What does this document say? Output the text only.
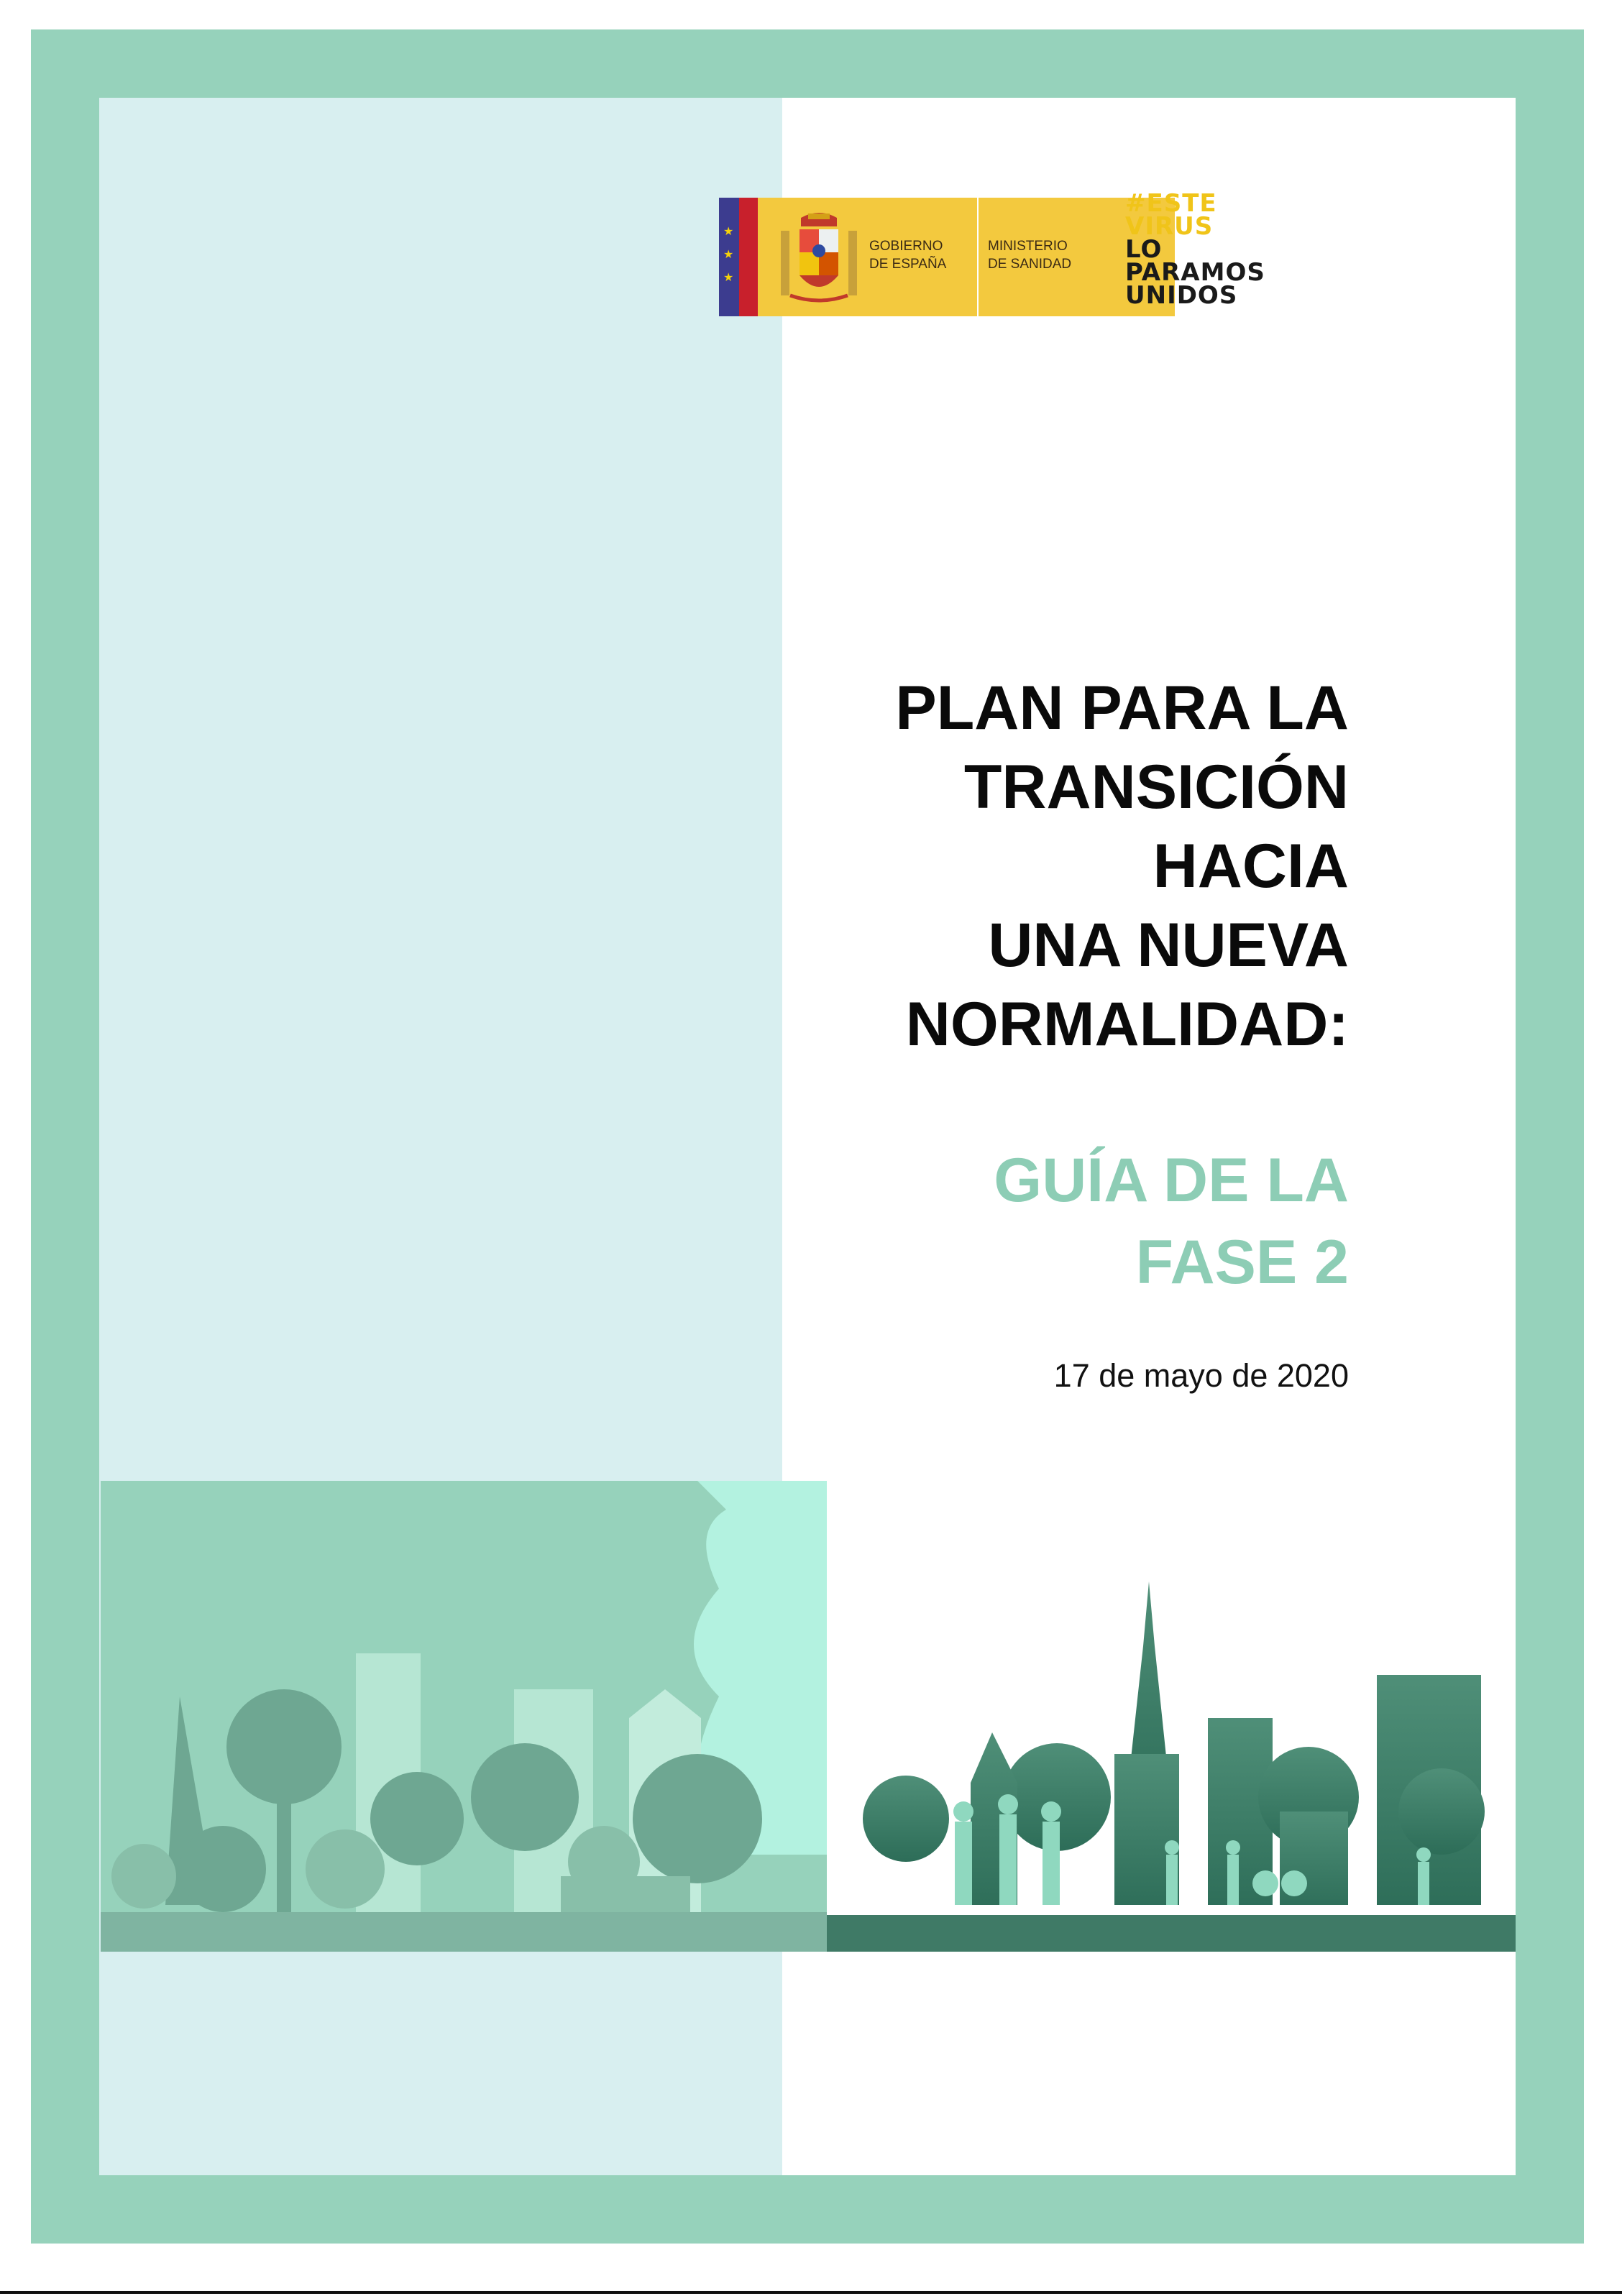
★
★
★
GOBIERNO
DE ESPAÑA
MINISTERIO
DE SANIDAD
#ESTE
VIRUS
LO
PARAMOS
UNIDOS
PLAN PARA LA
TRANSICIÓN
HACIA
UNA NUEVA
NORMALIDAD:
GUÍA DE LA
FASE 2
17 de mayo de 2020
